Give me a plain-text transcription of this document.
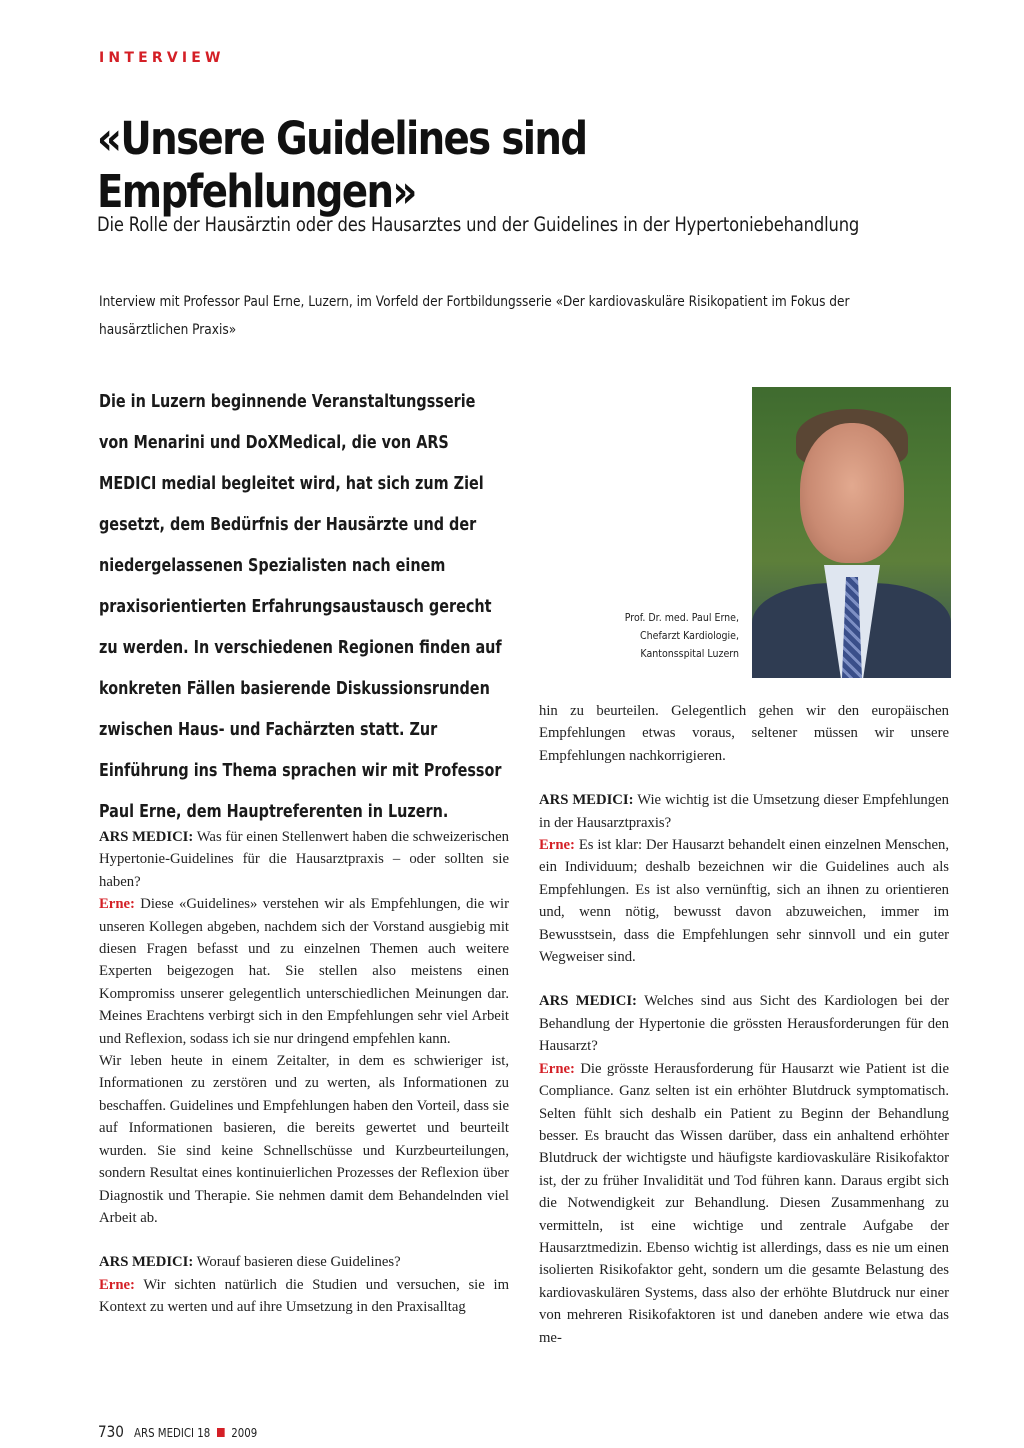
INTERVIEW
«Unsere Guidelines sind Empfehlungen»
Die Rolle der Hausärztin oder des Hausarztes und der Guidelines in der Hypertoniebehandlung
Interview mit Professor Paul Erne, Luzern, im Vorfeld der Fortbildungsserie «Der kardiovaskuläre Risikopatient im Fokus der hausärztlichen Praxis»

Die in Luzern beginnende Veranstaltungsserie von Menarini und DoXMedical, die von ARS MEDICI medial begleitet wird, hat sich zum Ziel gesetzt, dem Bedürfnis der Hausärzte und der niedergelassenen Spezialisten nach einem praxisorientierten Erfahrungsaustausch gerecht zu werden. In verschiedenen Regionen finden auf konkreten Fällen basierende Diskussionsrunden zwischen Haus- und Fachärzten statt. Zur Einführung ins Thema sprachen wir mit Professor Paul Erne, dem Hauptreferenten in Luzern.

Prof. Dr. med. Paul Erne,
Chefarzt Kardiologie,
Kantonsspital Luzern

ARS MEDICI: Was für einen Stellenwert haben die schweizerischen Hypertonie-Guidelines für die Hausarztpraxis – oder sollten sie haben?

Erne: Diese «Guidelines» verstehen wir als Empfehlungen, die wir unseren Kollegen abgeben, nachdem sich der Vorstand ausgiebig mit diesen Fragen befasst und zu einzelnen Themen auch weitere Experten beigezogen hat. Sie stellen also meistens einen Kompromiss unserer gelegentlich unterschiedlichen Meinungen dar. Meines Erachtens verbirgt sich in den Empfehlungen sehr viel Arbeit und Reflexion, sodass ich sie nur dringend empfehlen kann.

Wir leben heute in einem Zeitalter, in dem es schwieriger ist, Informationen zu zerstören und zu werten, als Informationen zu beschaffen. Guidelines und Empfehlungen haben den Vorteil, dass sie auf Informationen basieren, die bereits gewertet und beurteilt wurden. Sie sind keine Schnellschüsse und Kurzbeurteilungen, sondern Resultat eines kontinuierlichen Prozesses der Reflexion über Diagnostik und Therapie. Sie nehmen damit dem Behandelnden viel Arbeit ab.

ARS MEDICI: Worauf basieren diese Guidelines?

Erne: Wir sichten natürlich die Studien und versuchen, sie im Kontext zu werten und auf ihre Umsetzung in den Praxisalltag

hin zu beurteilen. Gelegentlich gehen wir den europäischen Empfehlungen etwas voraus, seltener müssen wir unsere Empfehlungen nachkorrigieren.

ARS MEDICI: Wie wichtig ist die Umsetzung dieser Empfehlungen in der Hausarztpraxis?

Erne: Es ist klar: Der Hausarzt behandelt einen einzelnen Menschen, ein Individuum; deshalb bezeichnen wir die Guidelines auch als Empfehlungen. Es ist also vernünftig, sich an ihnen zu orientieren und, wenn nötig, bewusst davon abzuweichen, immer im Bewusstsein, dass die Empfehlungen sehr sinnvoll und ein guter Wegweiser sind.

ARS MEDICI: Welches sind aus Sicht des Kardiologen bei der Behandlung der Hypertonie die grössten Herausforderungen für den Hausarzt?

Erne: Die grösste Herausforderung für Hausarzt wie Patient ist die Compliance. Ganz selten ist ein erhöhter Blutdruck symptomatisch. Selten fühlt sich deshalb ein Patient zu Beginn der Behandlung besser. Es braucht das Wissen darüber, dass ein anhaltend erhöhter Blutdruck der wichtigste und häufigste kardiovaskuläre Risikofaktor ist, der zu früher Invalidität und Tod führen kann. Daraus ergibt sich die Notwendigkeit zur Behandlung. Diesen Zusammenhang zu vermitteln, ist eine wichtige und zentrale Aufgabe der Hausarztmedizin. Ebenso wichtig ist allerdings, dass es nie um einen isolierten Risikofaktor geht, sondern um die gesamte Belastung des kardiovaskulären Systems, dass also der erhöhte Blutdruck nur einer von mehreren Risikofaktoren ist und daneben andere wie etwa das me-

730 ARS MEDICI 18 2009
